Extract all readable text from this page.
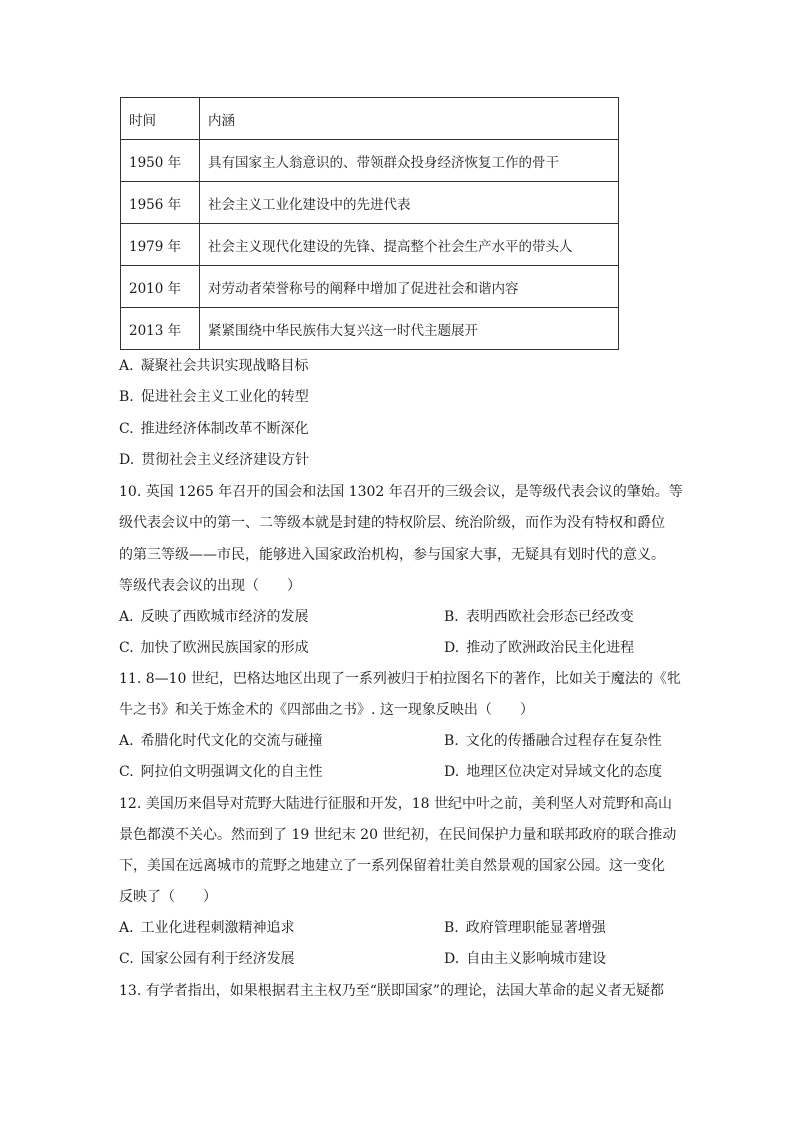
时间	内涵
1950 年	具有国家主人翁意识的、带领群众投身经济恢复工作的骨干
1956 年	社会主义工业化建设中的先进代表
1979 年	社会主义现代化建设的先锋、提高整个社会生产水平的带头人
2010 年	对劳动者荣誉称号的阐释中增加了促进社会和谐内容
2013 年	紧紧围绕中华民族伟大复兴这一时代主题展开
A. 凝聚社会共识实现战略目标
B. 促进社会主义工业化的转型
C. 推进经济体制改革不断深化
D. 贯彻社会主义经济建设方针
10. 英国 1265 年召开的国会和法国 1302 年召开的三级会议，是等级代表会议的肇始。等
级代表会议中的第一、二等级本就是封建的特权阶层、统治阶级，而作为没有特权和爵位
的第三等级——市民，能够进入国家政治机构，参与国家大事，无疑具有划时代的意义。
等级代表会议的出现（　　）
A. 反映了西欧城市经济的发展	B. 表明西欧社会形态已经改变
C. 加快了欧洲民族国家的形成	D. 推动了欧洲政治民主化进程
11. 8—10 世纪，巴格达地区出现了一系列被归于柏拉图名下的著作，比如关于魔法的《牝
牛之书》和关于炼金术的《四部曲之书》. 这一现象反映出（　　）
A. 希腊化时代文化的交流与碰撞	B. 文化的传播融合过程存在复杂性
C. 阿拉伯文明强调文化的自主性	D. 地理区位决定对异域文化的态度
12. 美国历来倡导对荒野大陆进行征服和开发，18 世纪中叶之前，美利坚人对荒野和高山
景色都漠不关心。然而到了 19 世纪末 20 世纪初，在民间保护力量和联邦政府的联合推动
下，美国在远离城市的荒野之地建立了一系列保留着壮美自然景观的国家公园。这一变化
反映了（　　）
A. 工业化进程刺激精神追求	B. 政府管理职能显著增强
C. 国家公园有利于经济发展	D. 自由主义影响城市建设
13. 有学者指出，如果根据君主主权乃至“朕即国家”的理论，法国大革命的起义者无疑都
